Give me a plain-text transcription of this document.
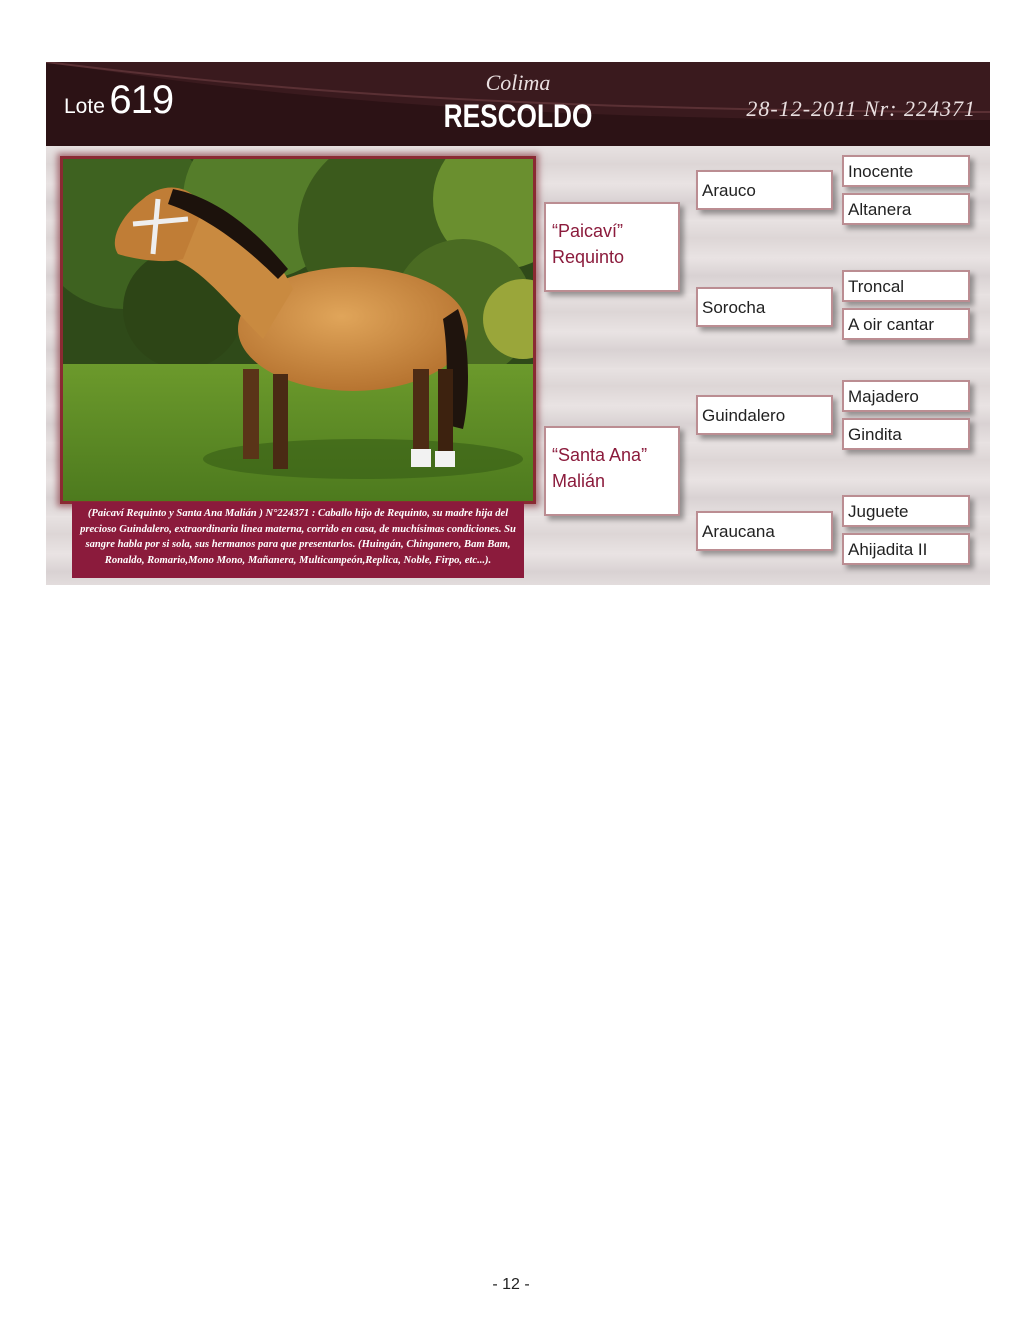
Lote 619	Colima
RESCOLDO	28-12-2011 Nr: 224371
(Paicaví Requinto y Santa Ana Malián ) N°224371 : Caballo hijo de Requinto, su madre hija del precioso Guindalero, extraordinaria linea materna, corrido en casa, de muchísimas condiciones. Su sangre habla por si sola, sus hermanos para que presentarlos. (Huingán, Chinganero, Bam Bam, Ronaldo, Romario,Mono Mono, Mañanera, Multicampeón,Replica, Noble, Firpo, etc...).
“Paicaví”
Requinto
“Santa Ana”
Malián
Arauco
Sorocha
Guindalero
Araucana
Inocente
Altanera
Troncal
A oir cantar
Majadero
Gindita
Juguete
Ahijadita II
- 12 -
